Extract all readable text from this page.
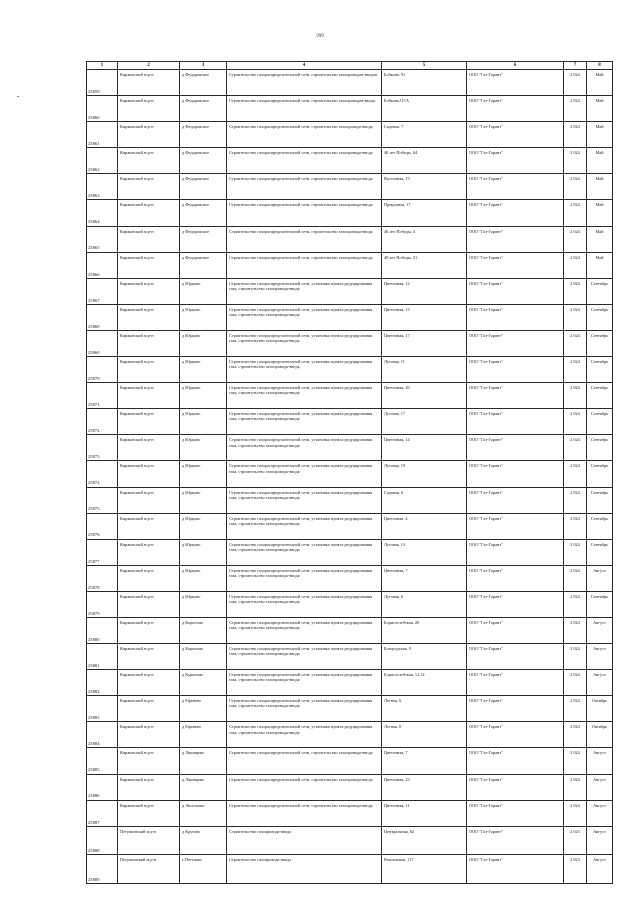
999
1	2	3	4	5	6	7	8
25859	Киржачский м.р-н	д Федоровское	Строительство газораспределительной сети, строительство газопроводов-вводов	Бобкова, 91	ООО "Газ-Гарант"	2 024	Май
25860	Киржачский м.р-н	д Федоровское	Строительство газораспределительной сети, строительство газопроводов-ввода	Бобкова,111А	ООО "Газ-Гарант"	2 024	Май
25861	Киржачский м.р-н	д Федоровское	Строительство газораспределительной сети, строительство газопровода-ввода	Садовая, 7	ООО "Газ-Гарант"	2 024	Май
25862	Киржачский м.р-н	д Федоровское	Строительство газораспределительной сети, строительство газопровода-ввода	40 лет Победы, 64	ООО "Газ-Гарант"	2 024	Май
25863	Киржачский м.р-н	д Федоровское	Строительство газораспределительной сети, строительство газопровода-ввода	Восточная, 15	ООО "Газ-Гарант"	2 024	Май
25864	Киржачский м.р-н	д Федоровское	Строительство газораспределительной сети, строительство газопровода-ввода	Природная, 17	ООО "Газ-Гарант"	2 024	Май
25865	Киржачский м.р-н	д Федоровское	Строительство газораспределительной сети, строительство газопровода-ввода	40 лет Победы, 4	ООО "Газ-Гарант"	2 024	Май
25866	Киржачский м.р-н	д Федоровское	Строительство газораспределительной сети, строительство газопровода-ввода	40 лет Победы, 51	ООО "Газ-Гарант"	2 024	Май
25867	Киржачский м.р-н	д Юрцово	Строительство газораспределительной сети, установка пункта редуцирования газа, строительство газопровода-ввода	Цветочная, 12	ООО "Газ-Гарант"	2 024	Сентябрь
25868	Киржачский м.р-н	д Юрцово	Строительство газораспределительной сети, установка пункта редуцирования газа, строительство газопровода-ввода	Цветочная, 13	ООО "Газ-Гарант"	2 024	Сентябрь
25869	Киржачский м.р-н	д Юрцово	Строительство газораспределительной сети, установка пункта редуцирования газа, строительство газопровода-ввода	Цветочная, 17	ООО "Газ-Гарант"	2 024	Сентябрь
25870	Киржачский м.р-н	д Юрцово	Строительство газораспределительной сети, установка пункта редуцирования газа, строительство газопровода-ввода	Луговая, 11	ООО "Газ-Гарант"	2 024	Сентябрь
25871	Киржачский м.р-н	д Юрцово	Строительство газораспределительной сети, установка пункта редуцирования газа, строительство газопровода-ввода	Цветочная, 20	ООО "Газ-Гарант"	2 024	Сентябрь
25872	Киржачский м.р-н	д Юрцово	Строительство газораспределительной сети, установка пункта редуцирования газа, строительство газопровода-ввода	Луговая, 17	ООО "Газ-Гарант"	2 024	Сентябрь
25873	Киржачский м.р-н	д Юрцово	Строительство газораспределительной сети, установка пункта редуцирования газа, строительство газопровода-ввода	Цветочная, 14	ООО "Газ-Гарант"	2 024	Сентябрь
25874	Киржачский м.р-н	д Юрцово	Строительство газораспределительной сети, установка пункта редуцирования газа, строительство газопровода-ввода	Луговая, 19	ООО "Газ-Гарант"	2 024	Сентябрь
25875	Киржачский м.р-н	д Юрцово	Строительство газораспределительной сети, установка пункта редуцирования газа, строительство газопровода-ввода	Садовая, 6	ООО "Газ-Гарант"	2 024	Сентябрь
25876	Киржачский м.р-н	д Юрцово	Строительство газораспределительной сети, установка пункта редуцирования газа, строительство газопровода-ввода	Цветочная, 4	ООО "Газ-Гарант"	2 024	Сентябрь
25877	Киржачский м.р-н	д Юрцово	Строительство газораспределительной сети, установка пункта редуцирования газа, строительство газопровода-ввода	Луговая, 13	ООО "Газ-Гарант"	2 024	Сентябрь
25878	Киржачский м.р-н	д Юрцово	Строительство газораспределительной сети, установка пункта редуцирования газа, строительство газопровода-ввода	Цветочная, 7	ООО "Газ-Гарант"	2 024	Август
25879	Киржачский м.р-н	д Юрцово	Строительство газораспределительной сети, установка пункта редуцирования газа, строительство газопровода-ввода	Луговая, 6	ООО "Газ-Гарант"	2 024	Сентябрь
25880	Киржачский м.р-н	д Корытово	Строительство газораспределительной сети, установка пункта редуцирования газа, строительство газопровода-ввода	Борисоглебская, 20	ООО "Газ-Гарант"	2 024	Август
25881	Киржачский м.р-н	д Корытово	Строительство газораспределительной сети, установка пункта редуцирования газа, строительство газопровода-ввода	Богородская, 9	ООО "Газ-Гарант"	2 024	Август
25882	Киржачский м.р-н	д Корытово	Строительство газораспределительной сети, установка пункта редуцирования газа, строительство газопровода-ввода	Борисоглебская, 12,14	ООО "Газ-Гарант"	2 024	Август
25883	Киржачский м.р-н	д Ефанево	Строительство газораспределительной сети, установка пункта редуцирования газа, строительство газопровода-ввода	Лесная, 6	ООО "Газ-Гарант"	2 024	Октябрь
25884	Киржачский м.р-н	д Ефанево	Строительство газораспределительной сети, установка пункта редуцирования газа, строительство газопровода-ввода	Лесная, 8	ООО "Газ-Гарант"	2 024	Октябрь
25885	Киржачский м.р-н	д Ляпищево	Строительство газораспределительной сети, строительство газопровода-ввода	Цветочная, 7	ООО "Газ-Гарант"	2 024	Август
25886	Киржачский м.р-н	д Ляпищево	Строительство газораспределительной сети, строительство газопровода-ввода	Цветочная, 23	ООО "Газ-Гарант"	2 024	Август
25887	Киржачский м.р-н	д Лисельево	Строительство газораспределительной сети, строительство газопровода-ввода	Цветочная, 11	ООО "Газ-Гарант"	2 024	Август
25888	Петушинский м.р-н	д Кругово	Строительство газопровода-ввода	Центральная, 82	ООО "Газ-Гарант"	2 023	Август
25889	Петушинский м.р-н	г Петушки	Строительство газопровода-ввода	Вокзальная, 117	ООО "Газ-Гарант"	2 023	Август
